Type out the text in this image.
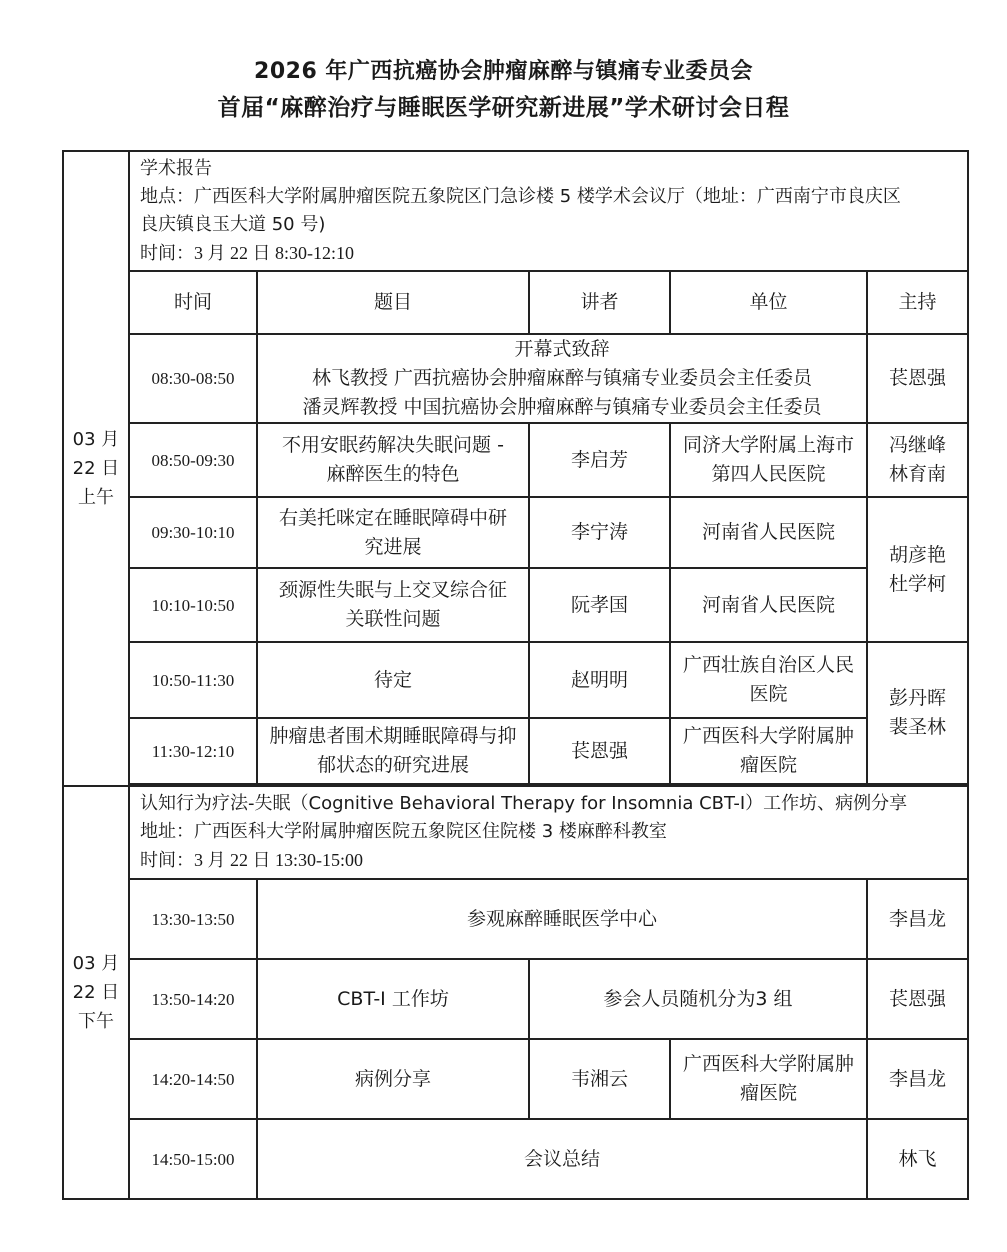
2026 年广西抗癌协会肿瘤麻醉与镇痛专业委员会
首届“麻醉治疗与睡眠医学研究新进展”学术研讨会日程
03 月
22 日
上午	学术报告
地点：广西医科大学附属肿瘤医院五象院区门急诊楼 5 楼学术会议厅（地址：广西南宁市良庆区
良庆镇良玉大道 50 号)
时间：3 月 22 日 8:30-12:10				

	时间	题目	讲者	单位	主持
	08:30-08:50	开幕式致辞
林飞教授 广西抗癌协会肿瘤麻醉与镇痛专业委员会主任委员
潘灵辉教授 中国抗癌协会肿瘤麻醉与镇痛专业委员会主任委员			苌恩强
	08:50-09:30	不用安眠药解决失眠问题 -
麻醉医生的特色	李启芳	同济大学附属上海市
第四人民医院	冯继峰
林育南

	09:30-10:10	右美托咪定在睡眠障碍中研
究进展	李宁涛	河南省人民医院	胡彦艳
杜学柯

	10:10-10:50	颈源性失眠与上交叉综合征
关联性问题	阮孝国	河南省人民医院	
	10:50-11:30	待定	赵明明	广西壮族自治区人民
医院	彭丹晖
裴圣林

	11:30-12:10	肿瘤患者围术期睡眠障碍与抑
郁状态的研究进展	苌恩强	广西医科大学附属肿
瘤医院	

03 月
22 日
下午	认知行为疗法-失眠（Cognitive Behavioral Therapy for Insomnia CBT-I）工作坊、病例分享
地址：广西医科大学附属肿瘤医院五象院区住院楼 3 楼麻醉科教室
时间：3 月 22 日 13:30-15:00				

	13:30-13:50	参观麻醉睡眠医学中心			李昌龙
	13:50-14:20	CBT-I 工作坊	参会人员随机分为3 组		苌恩强
	14:20-14:50	病例分享	韦湘云	广西医科大学附属肿
瘤医院	李昌龙
	14:50-15:00	会议总结			林飞
